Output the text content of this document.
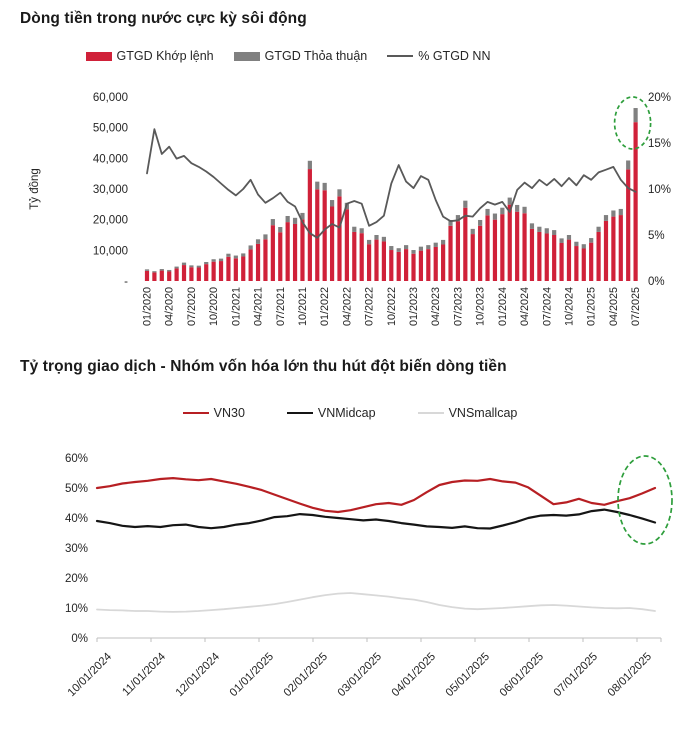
Dòng tiền trong nước cực kỳ sôi động
GTGD Khớp lệnh	GTGD Thỏa thuận	% GTGD NN
60,000
50,000
40,000
30,000
20,000
10,000
-
Tỷ đồng
20%
15%
10%
5%
0%
01/2020 04/2020 07/2020 10/2020 01/2021 04/2021 07/2021 10/2021 01/2022 04/2022 07/2022 10/2022 01/2023 04/2023 07/2023 10/2023 01/2024 04/2024 07/2024 10/2024 01/2025 04/2025 07/2025
Tỷ trọng giao dịch - Nhóm vốn hóa lớn thu hút đột biến dòng tiền
VN30	VNMidcap	VNSmallcap
60%
50%
40%
30%
20%
10%
0%
10/01/2024 11/01/2024 12/01/2024 01/01/2025 02/01/2025 03/01/2025 04/01/2025 05/01/2025 06/01/2025 07/01/2025 08/01/2025
